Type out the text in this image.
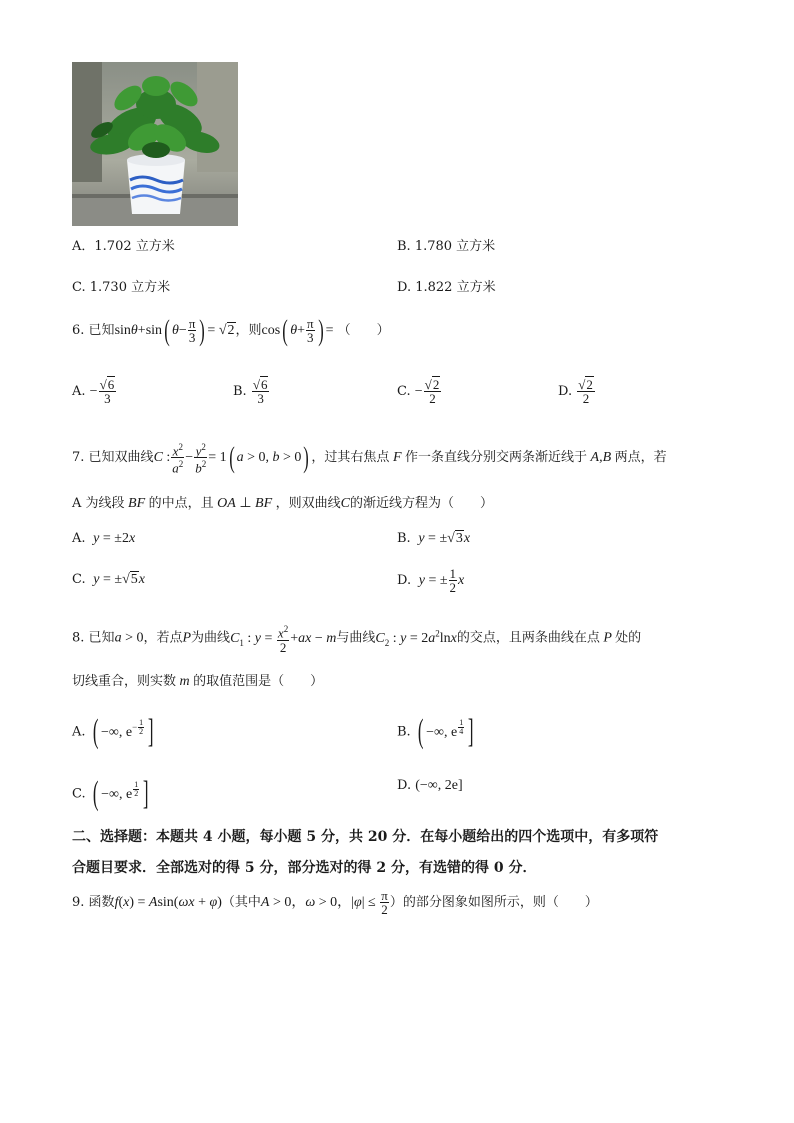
A．1.702 立方米	B. 1.780 立方米
C. 1.730 立方米	D. 1.822 立方米
6. 已知sinθ+sin( $\theta- \frac{\pi}{3}$ ) = √2，则cos( $\theta+ \frac{\pi}{3}$ ) = （　　）
A. − $\frac{√6}{3}$	B. $\frac{√6}{3}$	C. − $\frac{√2}{2}$	D. $\frac{√2}{2}$
7. 已知双曲线C : $\frac{x^2}{a^2} - \frac{y^2}{b^2} = 1$( a > 0, b > 0) ，过其右焦点 F 作一条直线分别交两条渐近线于 A,B 两点，若
A 为线段 BF 的中点，且 OA ⊥ BF ，则双曲线C的渐近线方程为（　　）
A. y = ±2x	B. y = ±√3x
C. y = ±√5x	D. y = ± $\frac{1}{2}$ x
8. 已知a > 0，若点P为曲线$C_1$ : $y = \frac{x^2}{2} +ax - m$与曲线$C_2$ : $y = 2a^2\ln x$的交点，且两条曲线在点 P 处的
切线重合，则实数 m 的取值范围是（　　）
A. ( −∞, $e^{- \frac{1}{2}}$ ]	B. ( −∞, e $^{\frac{1}{4}}$ ]
C. ( −∞, e $^{\frac{1}{2}}$ ]	D. (−∞, 2e]
二、选择题：本题共 4 小题，每小题 5 分，共 20 分．在每小题给出的四个选项中，有多项符
合题目要求．全部选对的得 5 分，部分选对的得 2 分，有选错的得 0 分．
9. 函数f(x) = Asin(ωx + φ)（其中A > 0，ω > 0，$|\varphi| \le \frac{\pi}{2}$ ）的部分图象如图所示，则（　　）
